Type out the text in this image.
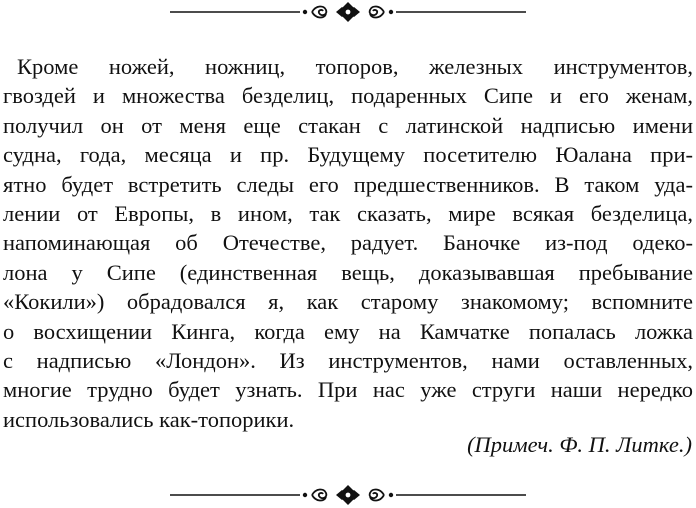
Кроме ножей, ножниц, топоров, железных инструментов,
гвоздей и множества безделиц, подаренных Сипе и его женам,
получил он от меня еще стакан с латинской надписью имени
судна, года, месяца и пр. Будущему посетителю Юалана при-
ятно будет встретить следы его предшественников. В таком уда-
лении от Европы, в ином, так сказать, мире всякая безделица,
напоминающая об Отечестве, радует. Баночке из-под одеко-
лона у Сипе (единственная вещь, доказывавшая пребывание
«Кокили») обрадовался я, как старому знакомому; вспомните
о восхищении Кинга, когда ему на Камчатке попалась ложка
с надписью «Лондон». Из инструментов, нами оставленных,
многие трудно будет узнать. При нас уже струги наши нередко
использовались как-топорики.
(Примеч. Ф. П. Литке.)
